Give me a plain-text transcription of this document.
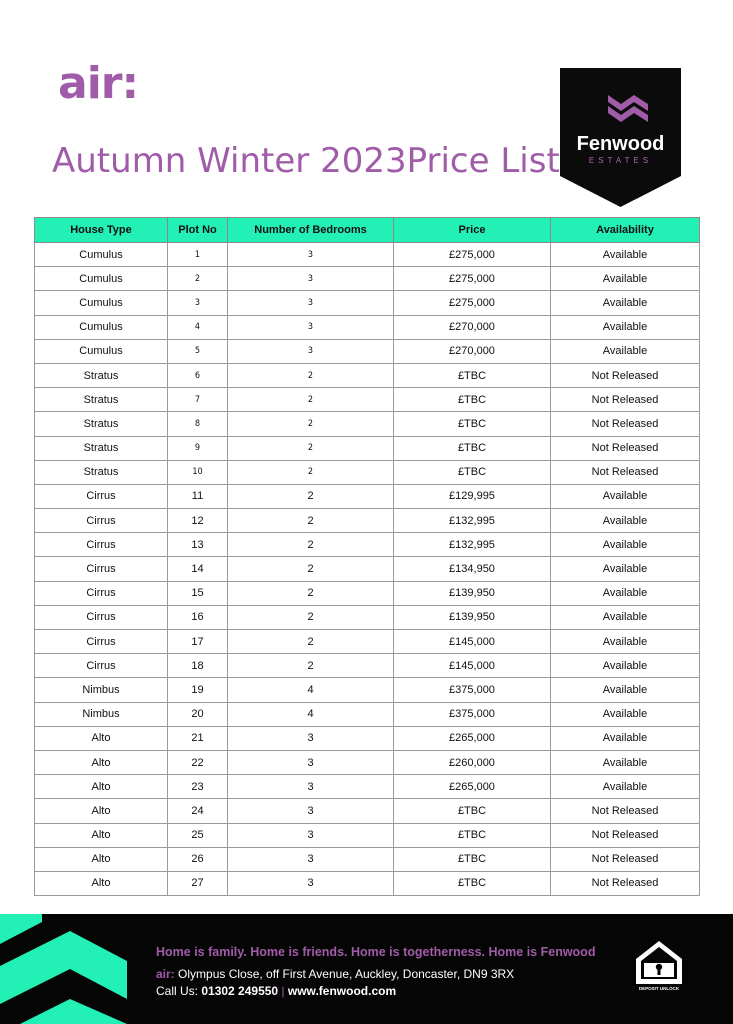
air:
Autumn Winter 2023Price List Fenwood
ESTATES
House Type	Plot No	Number of Bedrooms	Price	Availability
Cumulus	1	3	£275,000	Available
Cumulus	2	3	£275,000	Available
Cumulus	3	3	£275,000	Available
Cumulus	4	3	£270,000	Available
Cumulus	5	3	£270,000	Available
Stratus	6	2	£TBC	Not Released
Stratus	7	2	£TBC	Not Released
Stratus	8	2	£TBC	Not Released
Stratus	9	2	£TBC	Not Released
Stratus	10	2	£TBC	Not Released
Cirrus	11	2	£129,995	Available
Cirrus	12	2	£132,995	Available
Cirrus	13	2	£132,995	Available
Cirrus	14	2	£134,950	Available
Cirrus	15	2	£139,950	Available
Cirrus	16	2	£139,950	Available
Cirrus	17	2	£145,000	Available
Cirrus	18	2	£145,000	Available
Nimbus	19	4	£375,000	Available
Nimbus	20	4	£375,000	Available
Alto	21	3	£265,000	Available
Alto	22	3	£260,000	Available
Alto	23	3	£265,000	Available
Alto	24	3	£TBC	Not Released
Alto	25	3	£TBC	Not Released
Alto	26	3	£TBC	Not Released
Alto	27	3	£TBC	Not Released
Home is family. Home is friends. Home is togetherness. Home is Fenwood
air: Olympus Close, off First Avenue, Auckley, Doncaster, DN9 3RX
Call Us: 01302 249550 | www.fenwood.com	DEPOSIT UNLOCK
